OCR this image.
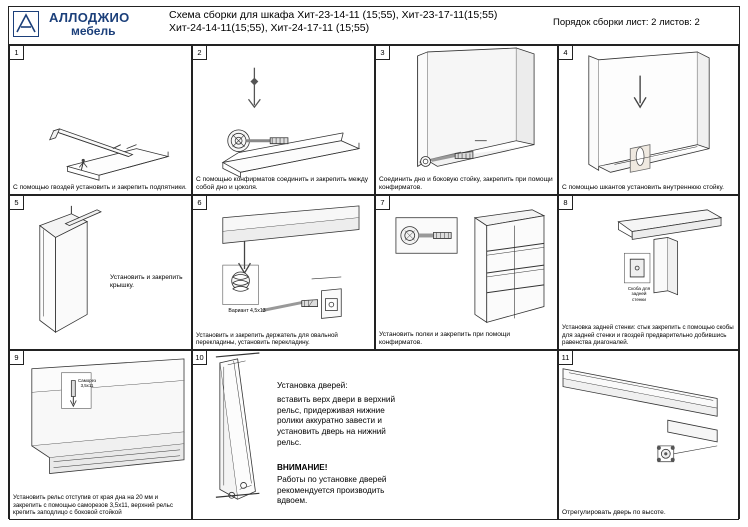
АЛЛОДЖИО
мебель
Схема сборки для шкафа Хит-23-14-11 (15;55), Хит-23-17-11(15;55)
Хит-24-14-11(15;55), Хит-24-17-11 (15;55)	Порядок сборки лист: 2 листов: 2
1
С помощью гвоздей установить и закрепить подпятники.
2
С помощью конфирматов соединить и закрепить между собой дно и цоколя.
3
Соединить дно и боковую стойку, закрепить при помощи конфирматов.
4
С помощью шкантов установить внутреннюю стойку.
5
Установить и закрепить крышку.
6
Вариант 4,5х13
Установить и закрепить держатель для овальной перекладины, установить перекладину.
7
Установить полки и закрепить при помощи конфирматов.
8
Скоба для задней стенки
Установка задней стенки: стык закрепить с помощью скобы для задней стенки и гвоздей предварительно добившись равенства диагоналей.
9
Саморез 3,5х11
Установить рельс отступив от края дна на 20 мм и закрепить с помощью саморезов 3,5х11, верхний рельс крепить заподлицо с боковой стойкой
10
Установка дверей:
вставить верх двери в верхний рельс, придерживая нижние ролики аккуратно завести и установить дверь на нижний рельс.
ВНИМАНИЕ!
Работы по установке дверей рекомендуется производить вдвоем.
11
Отрегулировать дверь по высоте.
